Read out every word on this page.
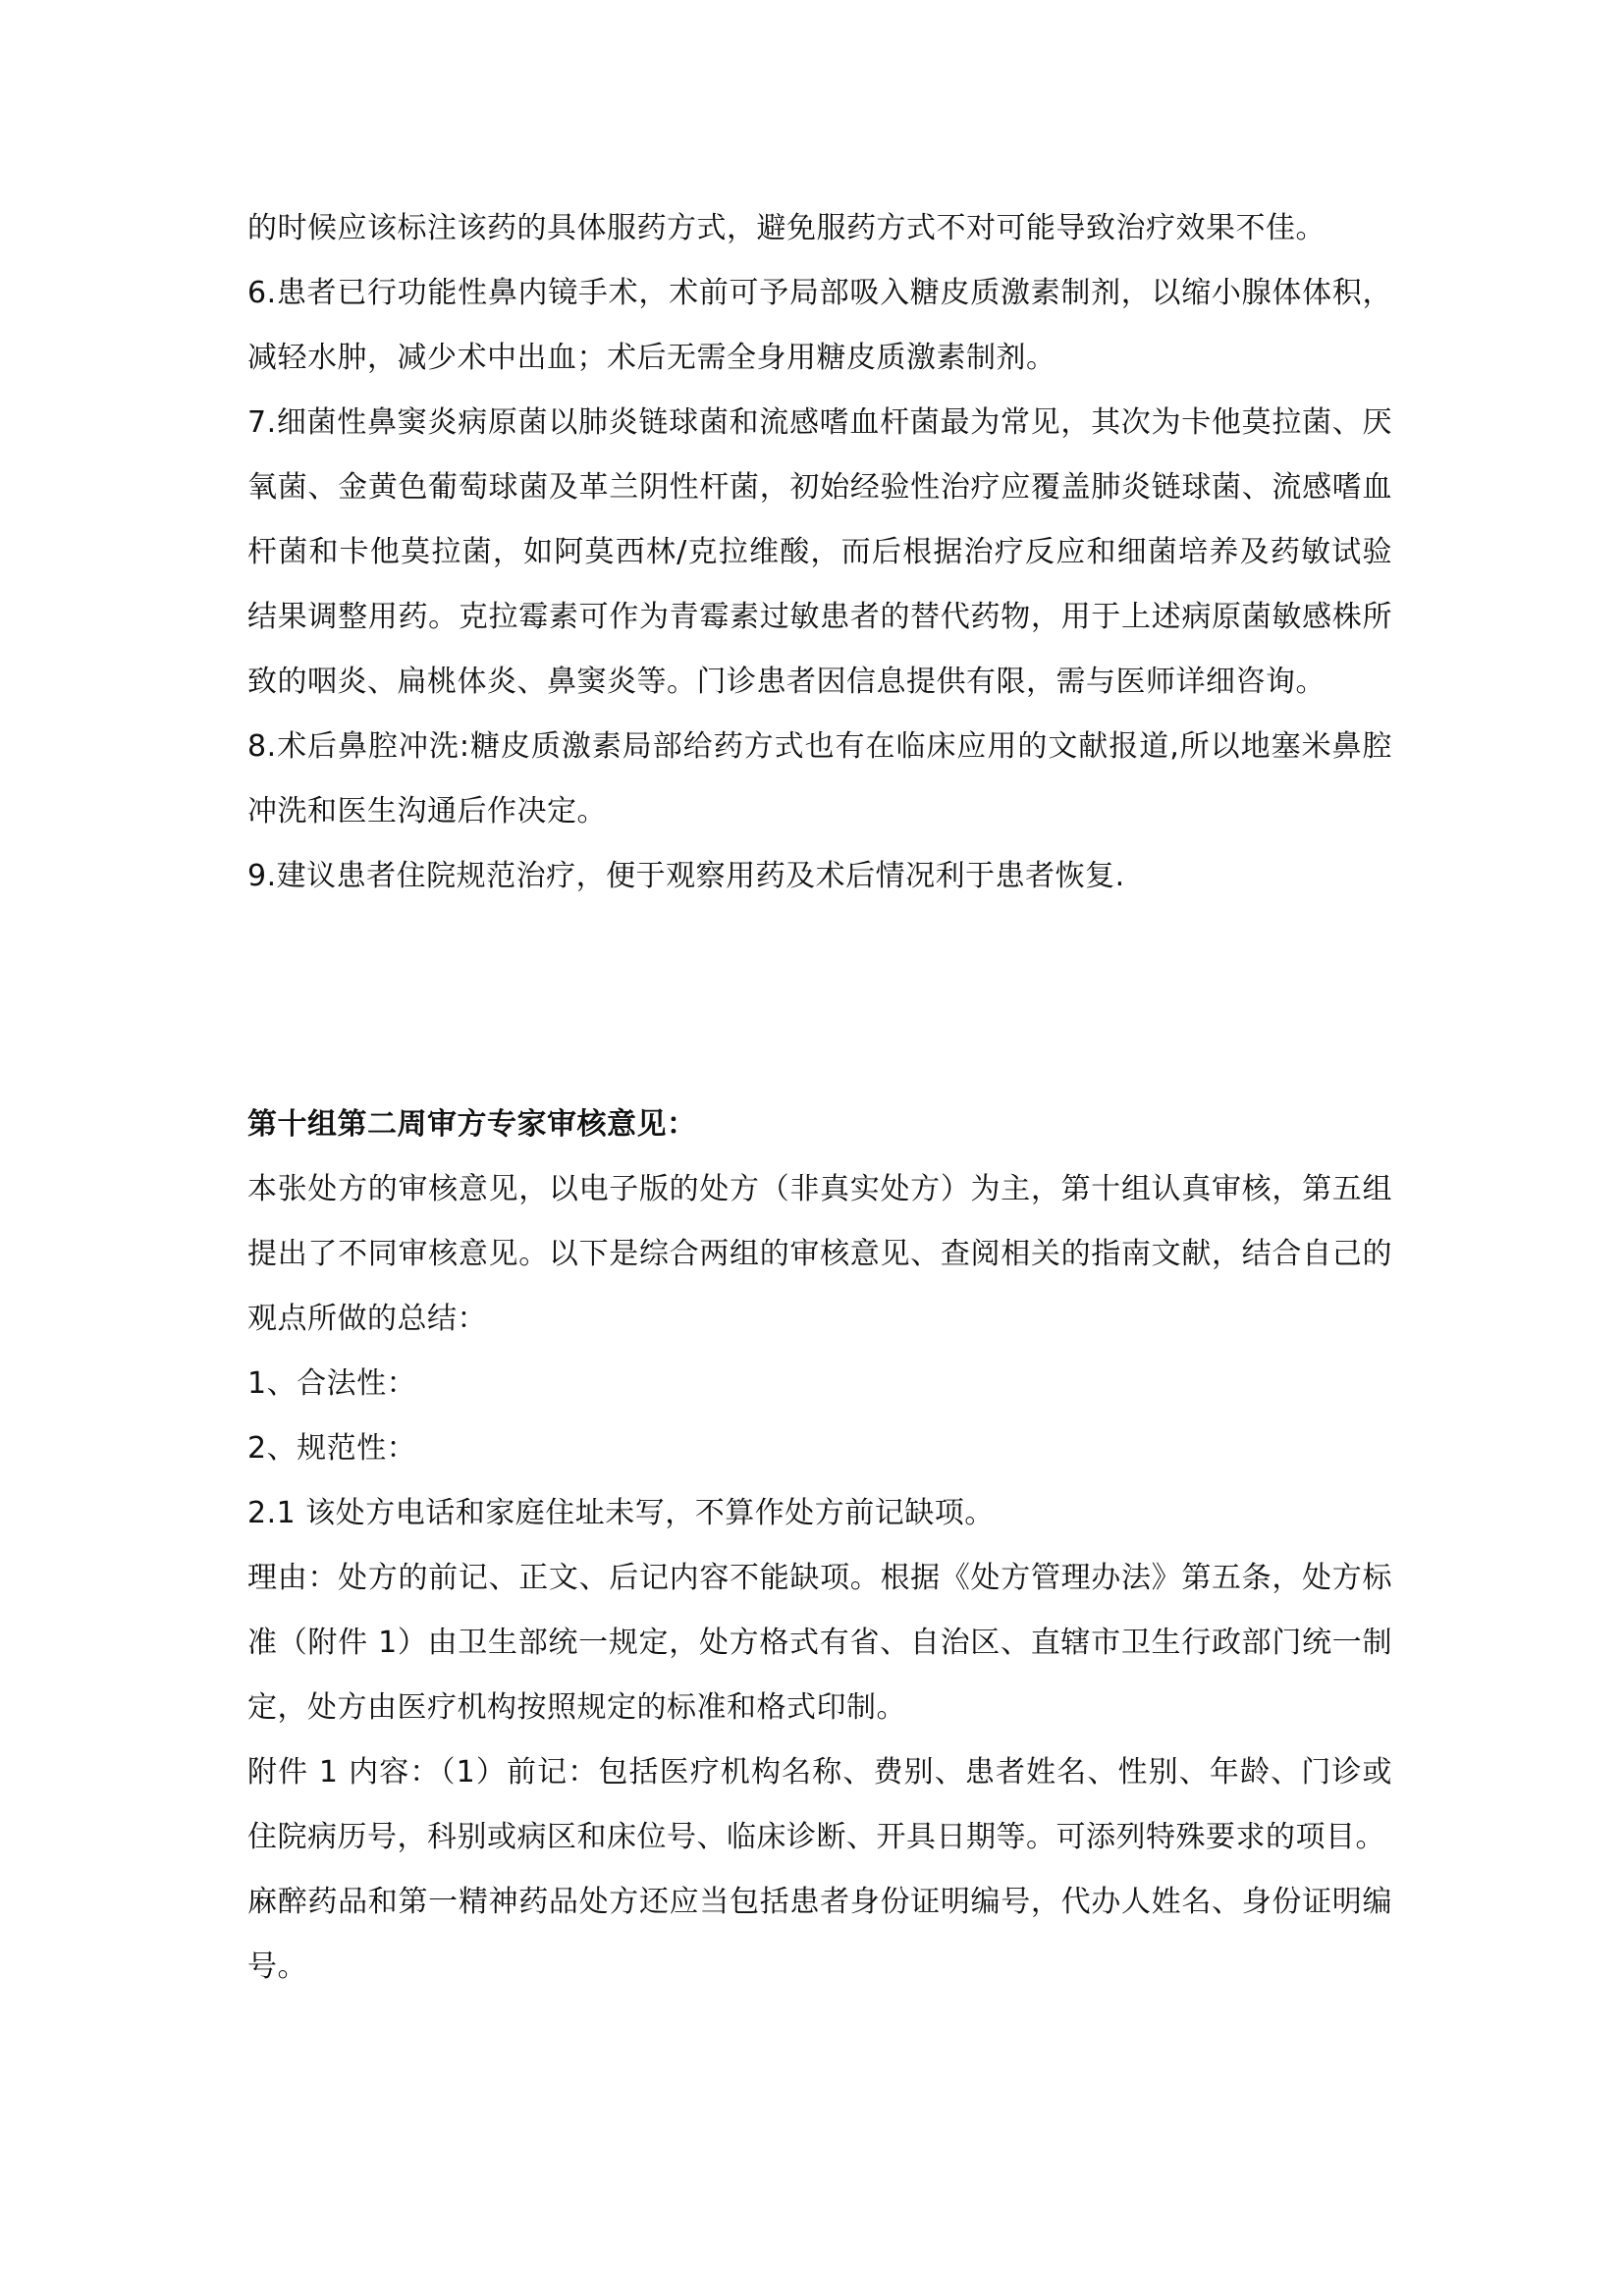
的时候应该标注该药的具体服药方式，避免服药方式不对可能导致治疗效果不佳。

6.患者已行功能性鼻内镜手术，术前可予局部吸入糖皮质激素制剂，以缩小腺体体积，减轻水肿，减少术中出血；术后无需全身用糖皮质激素制剂。

7.细菌性鼻窦炎病原菌以肺炎链球菌和流感嗜血杆菌最为常见，其次为卡他莫拉菌、厌氧菌、金黄色葡萄球菌及革兰阴性杆菌，初始经验性治疗应覆盖肺炎链球菌、流感嗜血杆菌和卡他莫拉菌，如阿莫西林/克拉维酸，而后根据治疗反应和细菌培养及药敏试验结果调整用药。克拉霉素可作为青霉素过敏患者的替代药物，用于上述病原菌敏感株所致的咽炎、扁桃体炎、鼻窦炎等。门诊患者因信息提供有限，需与医师详细咨询。

8.术后鼻腔冲洗:糖皮质激素局部给药方式也有在临床应用的文献报道,所以地塞米鼻腔冲洗和医生沟通后作决定。

9.建议患者住院规范治疗，便于观察用药及术后情况利于患者恢复.

第十组第二周审方专家审核意见：

本张处方的审核意见，以电子版的处方（非真实处方）为主，第十组认真审核，第五组提出了不同审核意见。以下是综合两组的审核意见、查阅相关的指南文献，结合自己的观点所做的总结：

1、合法性：

2、规范性：

2.1 该处方电话和家庭住址未写，不算作处方前记缺项。

理由：处方的前记、正文、后记内容不能缺项。根据《处方管理办法》第五条，处方标准（附件 1）由卫生部统一规定，处方格式有省、自治区、直辖市卫生行政部门统一制定，处方由医疗机构按照规定的标准和格式印制。

附件 1 内容：（1）前记：包括医疗机构名称、费别、患者姓名、性别、年龄、门诊或住院病历号，科别或病区和床位号、临床诊断、开具日期等。可添列特殊要求的项目。

麻醉药品和第一精神药品处方还应当包括患者身份证明编号，代办人姓名、身份证明编号。
